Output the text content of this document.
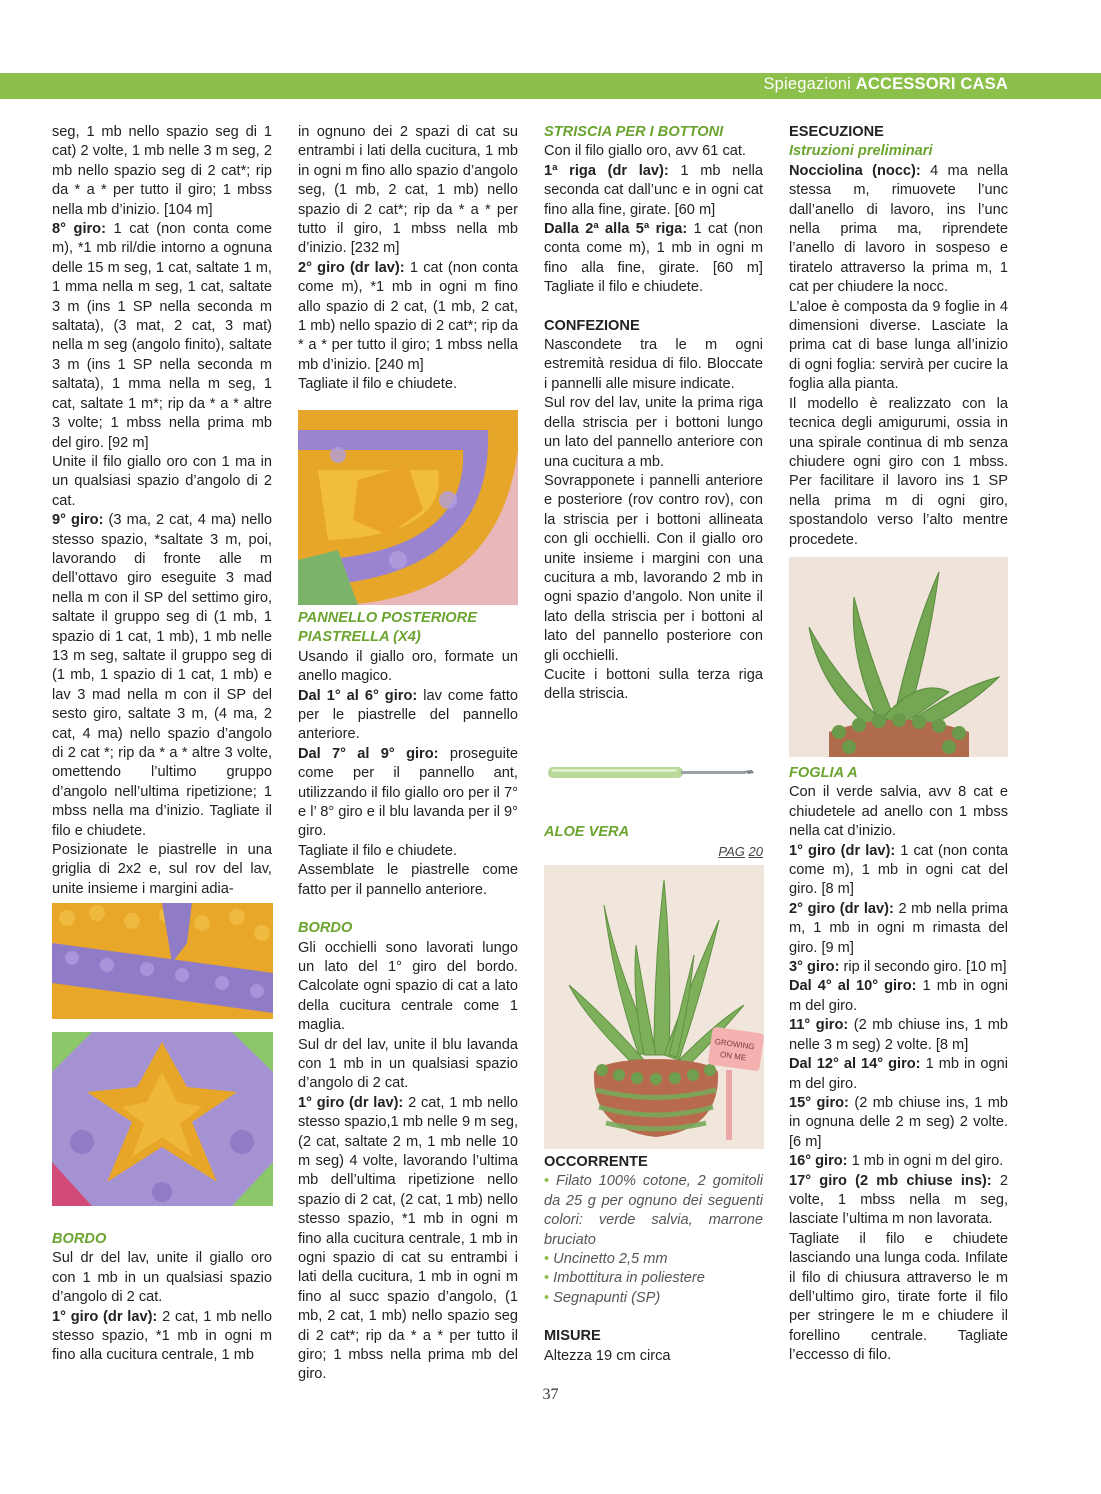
Spiegazioni ACCESSORI CASA

seg, 1 mb nello spazio seg di 1 cat) 2 volte, 1 mb nelle 3 m seg, 2 mb nello spazio seg di 2 cat*; rip da * a * per tutto il giro; 1 mbss nella mb d’inizio. [104 m]

8° giro: 1 cat (non conta come m), *1 mb ril/die intorno a ognuna delle 15 m seg, 1 cat, saltate 1 m, 1 mma nella m seg, 1 cat, saltate 3 m (ins 1 SP nella seconda m saltata), (3 mat, 2 cat, 3 mat) nella m seg (angolo finito), saltate 3 m (ins 1 SP nella seconda m saltata), 1 mma nella m seg, 1 cat, saltate 1 m*; rip da * a * altre 3 volte; 1 mbss nella prima mb del giro. [92 m]

Unite il filo giallo oro con 1 ma in un qualsiasi spazio d’angolo di 2 cat.

9° giro: (3 ma, 2 cat, 4 ma) nello stesso spazio, *saltate 3 m, poi, lavorando di fronte alle m dell’ottavo giro eseguite 3 mad nella m con il SP del settimo giro, saltate il gruppo seg di (1 mb, 1 spazio di 1 cat, 1 mb), 1 mb nelle 13 m seg, saltate il gruppo seg di (1 mb, 1 spazio di 1 cat, 1 mb) e lav 3 mad nella m con il SP del sesto giro, saltate 3 m, (4 ma, 2 cat, 4 ma) nello spazio d’angolo di 2 cat *; rip da * a * altre 3 volte, omettendo l’ultimo gruppo d’angolo nell’ultima ripetizione; 1 mbss nella ma d’inizio. Tagliate il filo e chiudete.

Posizionate le piastrelle in una griglia di 2x2 e, sul rov del lav, unite insieme i margini adia-

BORDO

Sul dr del lav, unite il giallo oro con 1 mb in un qualsiasi spazio d’angolo di 2 cat.

1° giro (dr lav): 2 cat, 1 mb nello stesso spazio, *1 mb in ogni m fino alla cucitura centrale, 1 mb

in ognuno dei 2 spazi di cat su entrambi i lati della cucitura, 1 mb in ogni m fino allo spazio d’angolo seg, (1 mb, 2 cat, 1 mb) nello spazio di 2 cat*; rip da * a * per tutto il giro, 1 mbss nella mb d’inizio. [232 m]

2° giro (dr lav): 1 cat (non conta come m), *1 mb in ogni m fino allo spazio di 2 cat, (1 mb, 2 cat, 1 mb) nello spazio di 2 cat*; rip da * a * per tutto il giro; 1 mbss nella mb d’inizio. [240 m]

Tagliate il filo e chiudete.

PANNELLO POSTERIORE
PIASTRELLA (X4)

Usando il giallo oro, formate un anello magico.

Dal 1° al 6° giro: lav come fatto per le piastrelle del pannello anteriore.

Dal 7° al 9° giro: proseguite come per il pannello ant, utilizzando il filo giallo oro per il 7° e l’ 8° giro e il blu lavanda per il 9° giro.

Tagliate il filo e chiudete.

Assemblate le piastrelle come fatto per il pannello anteriore.

BORDO

Gli occhielli sono lavorati lungo un lato del 1° giro del bordo. Calcolate ogni spazio di cat a lato della cucitura centrale come 1 maglia.

Sul dr del lav, unite il blu lavanda con 1 mb in un qualsiasi spazio d’angolo di 2 cat.

1° giro (dr lav): 2 cat, 1 mb nello stesso spazio,1 mb nelle 9 m seg, (2 cat, saltate 2 m, 1 mb nelle 10 m seg) 4 volte, lavorando l’ultima mb dell’ultima ripetizione nello spazio di 2 cat, (2 cat, 1 mb) nello stesso spazio, *1 mb in ogni m fino alla cucitura centrale, 1 mb in ogni spazio di cat su entrambi i lati della cucitura, 1 mb in ogni m fino al succ spazio d’angolo, (1 mb, 2 cat, 1 mb) nello spazio seg di 2 cat*; rip da * a * per tutto il giro; 1 mbss nella prima mb del giro.

STRISCIA PER I BOTTONI

Con il filo giallo oro, avv 61 cat.

1ª riga (dr lav): 1 mb nella seconda cat dall’unc e in ogni cat fino alla fine, girate. [60 m]

Dalla 2ª alla 5ª riga: 1 cat (non conta come m), 1 mb in ogni m fino alla fine, girate. [60 m] Tagliate il filo e chiudete.

CONFEZIONE

Nascondete tra le m ogni estremità residua di filo. Bloccate i pannelli alle misure indicate.

Sul rov del lav, unite la prima riga della striscia per i bottoni lungo un lato del pannello anteriore con una cucitura a mb.

Sovrapponete i pannelli anteriore e posteriore (rov contro rov), con la striscia per i bottoni allineata con gli occhielli. Con il giallo oro unite insieme i margini con una cucitura a mb, lavorando 2 mb in ogni spazio d’angolo. Non unite il lato della striscia per i bottoni al lato del pannello posteriore con gli occhielli.

Cucite i bottoni sulla terza riga della striscia.

ALOE VERA

PAG 20

GROWING
ON ME

OCCORRENTE

• Filato 100% cotone, 2 gomitoli da 25 g per ognuno dei seguenti colori: verde salvia, marrone bruciato

• Uncinetto 2,5 mm

• Imbottitura in poliestere

• Segnapunti (SP)

MISURE

Altezza 19 cm circa

ESECUZIONE

Istruzioni preliminari

Nocciolina (nocc): 4 ma nella stessa m, rimuovete l’unc dall’anello di lavoro, ins l’unc nella prima ma, riprendete l’anello di lavoro in sospeso e tiratelo attraverso la prima m, 1 cat per chiudere la nocc.

L’aloe è composta da 9 foglie in 4 dimensioni diverse. Lasciate la prima cat di base lunga all’inizio di ogni foglia: servirà per cucire la foglia alla pianta.

Il modello è realizzato con la tecnica degli amigurumi, ossia in una spirale continua di mb senza chiudere ogni giro con 1 mbss. Per facilitare il lavoro ins 1 SP nella prima m di ogni giro, spostandolo verso l’alto mentre procedete.

FOGLIA A

Con il verde salvia, avv 8 cat e chiudetele ad anello con 1 mbss nella cat d’inizio.

1° giro (dr lav): 1 cat (non conta come m), 1 mb in ogni cat del giro. [8 m]

2° giro (dr lav): 2 mb nella prima m, 1 mb in ogni m rimasta del giro. [9 m]

3° giro: rip il secondo giro. [10 m]

Dal 4° al 10° giro: 1 mb in ogni m del giro.

11° giro: (2 mb chiuse ins, 1 mb nelle 3 m seg) 2 volte. [8 m]

Dal 12° al 14° giro: 1 mb in ogni m del giro.

15° giro: (2 mb chiuse ins, 1 mb in ognuna delle 2 m seg) 2 volte. [6 m]

16° giro: 1 mb in ogni m del giro.

17° giro (2 mb chiuse ins): 2 volte, 1 mbss nella m seg, lasciate l’ultima m non lavorata.

Tagliate il filo e chiudete lasciando una lunga coda. Infilate il filo di chiusura attraverso le m dell’ultimo giro, tirate forte il filo per stringere le m e chiudere il forellino centrale. Tagliate l’eccesso di filo.

37
